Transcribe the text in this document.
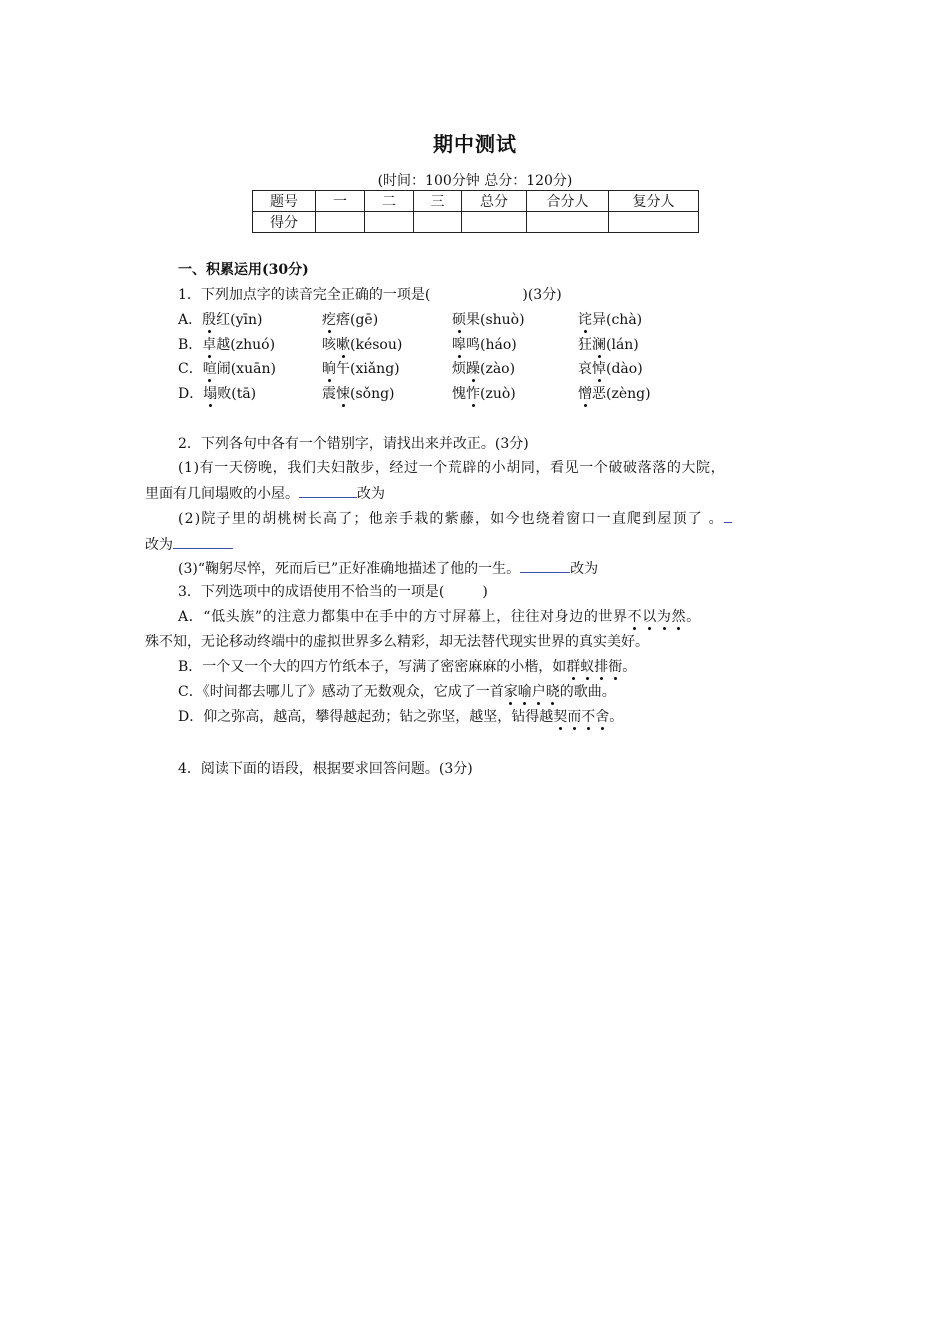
期中测试
(时间：100分钟 总分：120分)
题号	一	二	三	总分	合分人	复分人
得分						
一、积累运用(30分)
1．下列加点字的读音完全正确的一项是(	)(3分)
A．殷红(yīn)	疙瘩(gē)	硕果(shuò)	诧异(chà)
B．卓越(zhuó)	咳嗽(késou)	嗥鸣(háo)	狂澜(lán)
C．喧闹(xuān)	晌午(xiǎng)	烦躁(zào)	哀悼(dào)
D．塌败(tā)	震悚(sǒng)	愧怍(zuò)	憎恶(zèng)
2．下列各句中各有一个错别字，请找出来并改正。(3分)
(1)有一天傍晚，我们夫妇散步，经过一个荒辟的小胡同，看见一个破破落落的大院，
里面有几间塌败的小屋。	改为
(2)院子里的胡桃树长高了；他亲手栽的紫藤，如今也绕着窗口一直爬到屋顶了 。
改为
(3)“鞠躬尽悴，死而后已”正好准确地描述了他的一生。	改为
3．下列选项中的成语使用不恰当的一项是(	)
A．“低头族”的注意力都集中在手中的方寸屏幕上，往往对身边的世界不以为然。
殊不知，无论移动终端中的虚拟世界多么精彩，却无法替代现实世界的真实美好。
B．一个又一个大的四方竹纸本子，写满了密密麻麻的小楷，如群蚁排衙。
C．《时间都去哪儿了》感动了无数观众，它成了一首家喻户晓的歌曲。
D．仰之弥高，越高，攀得越起劲；钻之弥坚，越坚，钻得越契而不舍。
4．阅读下面的语段，根据要求回答问题。(3分)
